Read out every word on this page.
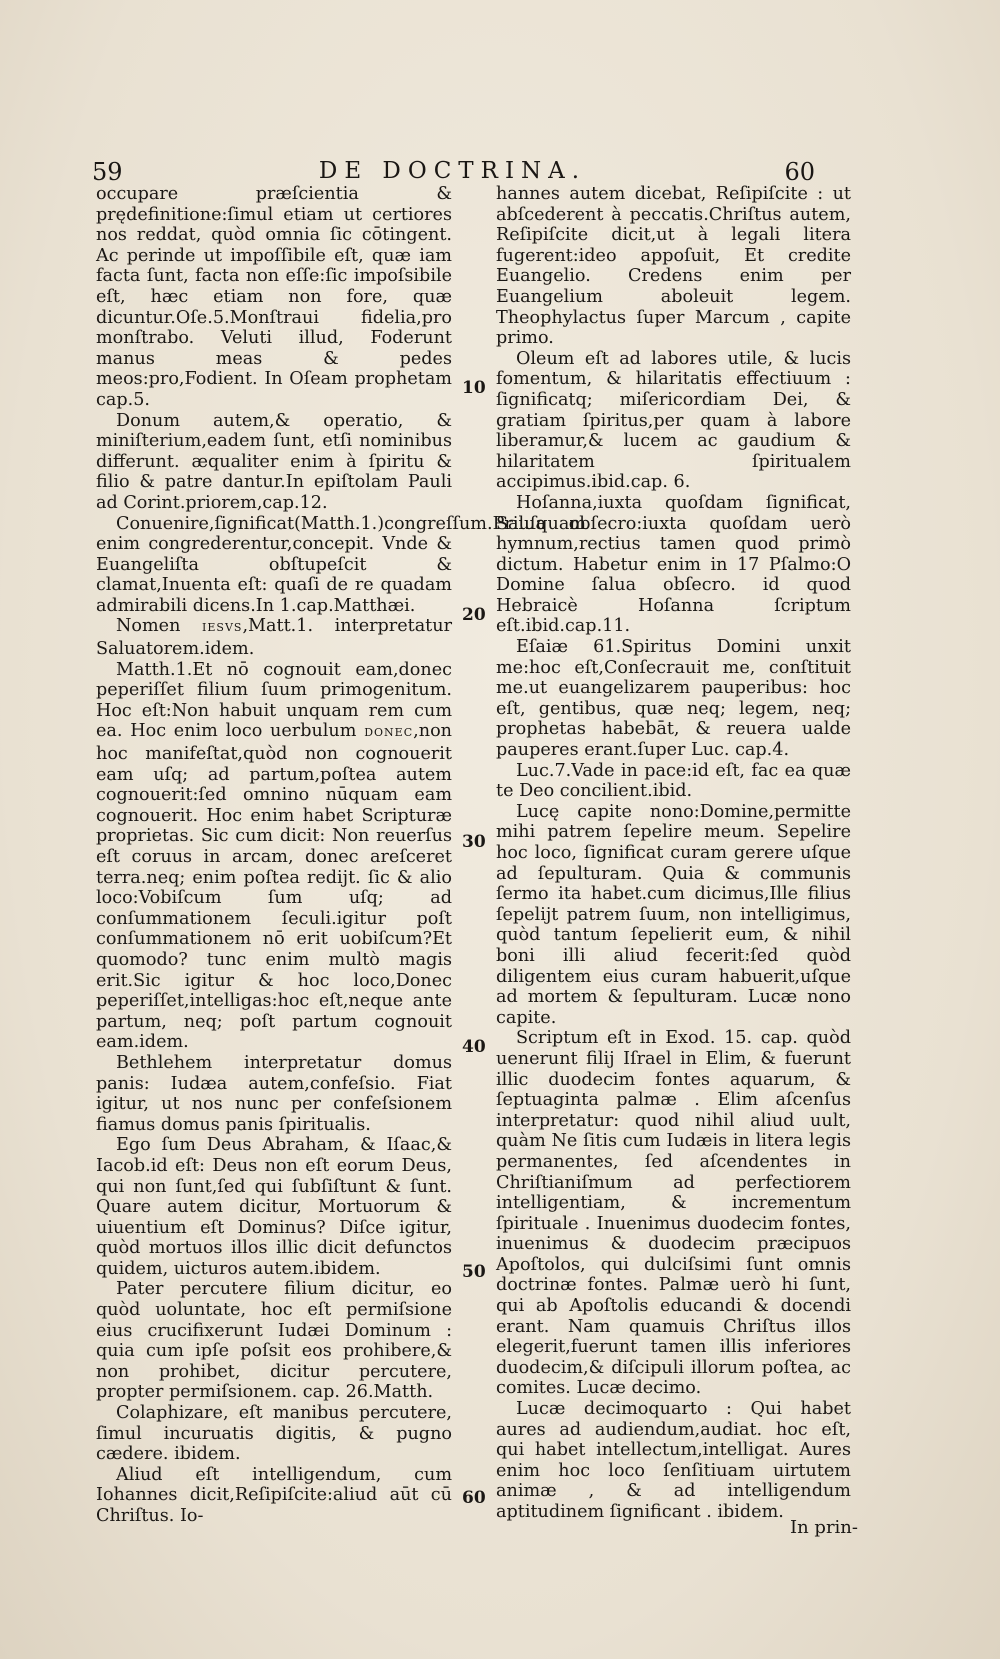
59	DE DOCTRINA.	60

occupare præſcientia & prędefinitione:ſimul etiam ut certiores nos reddat, quòd omnia ſic cōtingent. Ac perinde ut impoſſibile eſt, quæ iam facta ſunt, facta non eſſe:ſic impoſsibile eſt, hæc etiam non fore, quæ dicuntur.Oſe.5.Monſtraui fidelia,pro monſtrabo. Veluti illud, Foderunt manus meas & pedes meos:pro,Fodient. In Oſeam prophetam cap.5.

Donum autem,& operatio, & miniſterium,eadem ſunt, etſi nominibus differunt. æqualiter enim à ſpiritu & filio & patre dantur.In epiſtolam Pauli ad Corint.priorem,cap.12.

Conuenire,ſignificat(Matth.1.)congreſſum.Priuſquam enim congrederentur,concepit. Vnde & Euangeliſta obſtupeſcit & clamat,Inuenta eſt: quaſi de re quadam admirabili dicens.In 1.cap.Matthæi.

Nomen IESVS,Matt.1. interpretatur Saluatorem.idem.

Matth.1.Et nō cognouit eam,donec peperiſſet filium ſuum primogenitum. Hoc eſt:Non habuit unquam rem cum ea. Hoc enim loco uerbulum DONEC,non hoc manifeſtat,quòd non cognouerit eam uſq; ad partum,poſtea autem cognouerit:ſed omnino nūquam eam cognouerit. Hoc enim habet Scripturæ proprietas. Sic cum dicit: Non reuerſus eſt coruus in arcam, donec areſceret terra.neq; enim poſtea redijt. ſic & alio loco:Vobiſcum ſum uſq; ad conſummationem ſeculi.igitur poſt conſummationem nō erit uobiſcum?Et quomodo? tunc enim multò magis erit.Sic igitur & hoc loco,Donec peperiſſet,intelligas:hoc eſt,neque ante partum, neq; poſt partum cognouit eam.idem.

Bethlehem interpretatur domus panis: Iudæa autem,confeſsio. Fiat igitur, ut nos nunc per confeſsionem fiamus domus panis ſpiritualis.

Ego ſum Deus Abraham, & Iſaac,& Iacob.id eſt: Deus non eſt eorum Deus, qui non ſunt,ſed qui ſubſiſtunt & ſunt. Quare autem dicitur, Mortuorum & uiuentium eſt Dominus? Diſce igitur, quòd mortuos illos illic dicit defunctos quidem, uicturos autem.ibidem.

Pater percutere filium dicitur, eo quòd uoluntate, hoc eſt permiſsione eius crucifixerunt Iudæi Dominum : quia cum ipſe poſsit eos prohibere,& non prohibet, dicitur percutere, propter permiſsionem. cap. 26.Matth.

Colaphizare, eſt manibus percutere, ſimul incuruatis digitis, & pugno cædere. ibidem.

Aliud eſt intelligendum, cum Iohannes dicit,Reſipiſcite:aliud aūt cū Chriſtus. Io-

10
20
30
40
50
60

hannes autem dicebat, Reſipiſcite : ut abſcederent à peccatis.Chriſtus autem, Reſipiſcite dicit,ut à legali litera fugerent:ideo appoſuit, Et credite Euangelio. Credens enim per Euangelium aboleuit legem. Theophylactus ſuper Marcum , capite primo.

Oleum eſt ad labores utile, & lucis fomentum, & hilaritatis effectiuum : ſignificatq; miſericordiam Dei, & gratiam ſpiritus,per quam à labore liberamur,& lucem ac gaudium & hilaritatem ſpiritualem accipimus.ibid.cap. 6.

Hoſanna,iuxta quoſdam ſignificat, Salua obſecro:iuxta quoſdam uerò hymnum,rectius tamen quod primò dictum. Habetur enim in 17 Pſalmo:O Domine ſalua obſecro. id quod Hebraicè Hoſanna ſcriptum eſt.ibid.cap.11.

Eſaiæ 61.Spiritus Domini unxit me:hoc eſt,Conſecrauit me, conſtituit me.ut euangelizarem pauperibus: hoc eſt, gentibus, quæ neq; legem, neq; prophetas habebāt, & reuera ualde pauperes erant.ſuper Luc. cap.4.

Luc.7.Vade in pace:id eſt, fac ea quæ te Deo concilient.ibid.

Lucę capite nono:Domine,permitte mihi patrem ſepelire meum. Sepelire hoc loco, ſignificat curam gerere uſque ad ſepulturam. Quia & communis ſermo ita habet.cum dicimus,Ille filius ſepelijt patrem ſuum, non intelligimus, quòd tantum ſepelierit eum, & nihil boni illi aliud fecerit:ſed quòd diligentem eius curam habuerit,uſque ad mortem & ſepulturam. Lucæ nono capite.

Scriptum eſt in Exod. 15. cap. quòd uenerunt filij Iſrael in Elim, & fuerunt illic duodecim fontes aquarum, & ſeptuaginta palmæ . Elim aſcenſus interpretatur: quod nihil aliud uult, quàm Ne ſitis cum Iudæis in litera legis permanentes, ſed aſcendentes in Chriſtianiſmum ad perfectiorem intelligentiam, & incrementum ſpirituale . Inuenimus duodecim fontes, inuenimus & duodecim præcipuos Apoſtolos, qui dulciſsimi ſunt omnis doctrinæ fontes. Palmæ uerò hi ſunt, qui ab Apoſtolis educandi & docendi erant. Nam quamuis Chriſtus illos elegerit,fuerunt tamen illis inferiores duodecim,& diſcipuli illorum poſtea, ac comites. Lucæ decimo.

Lucæ decimoquarto : Qui habet aures ad audiendum,audiat. hoc eſt, qui habet intellectum,intelligat. Aures enim hoc loco ſenſitiuam uirtutem animæ , & ad intelligendum aptitudinem ſignificant . ibidem.

In prin-
